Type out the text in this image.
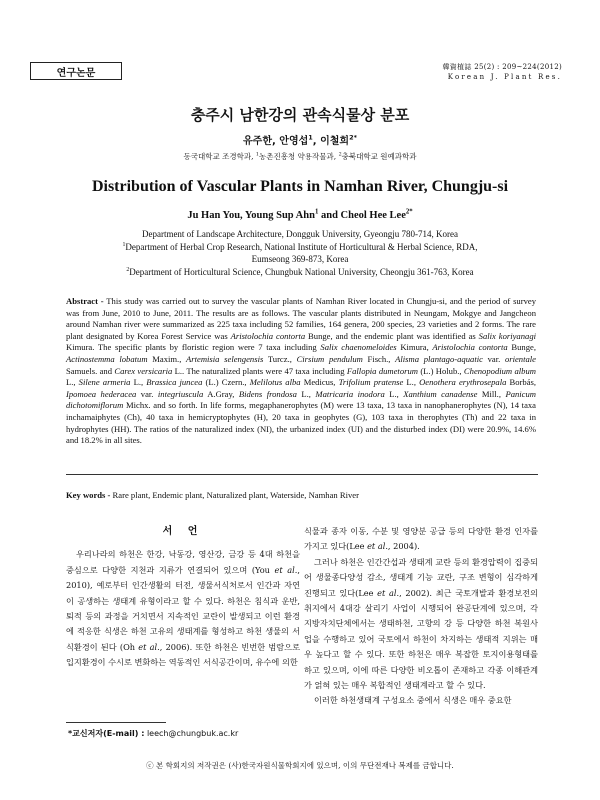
연구논문
韓資植誌 25(2) : 209~224(2012)
Korean J. Plant Res.
충주시 남한강의 관속식물상 분포
유주한, 안영섭$^1$, 이철희$^{2*}$
동국대학교 조경학과, $^1$농촌진흥청 약용작물과, $^2$충북대학교 원예과학과
Distribution of Vascular Plants in Namhan River, Chungju-si
Ju Han You, Young Sup Ahn$^1$ and Cheol Hee Lee$^{2*}$
Department of Landscape Architecture, Dongguk University, Gyeongju 780-714, Korea
$^1$Department of Herbal Crop Research, National Institute of Horticultural & Herbal Science, RDA,
Eumseong 369-873, Korea
$^2$Department of Horticultural Science, Chungbuk National University, Cheongju 361-763, Korea
Abstract - This study was carried out to survey the vascular plants of Namhan River located in Chungju-si, and the period of survey was from June, 2010 to June, 2011. The results are as follows. The vascular plants distributed in Neungam, Mokgye and Jangcheon around Namhan river were summarized as 225 taxa including 52 families, 164 genera, 200 species, 23 varieties and 2 forms. The rare plant designated by Korea Forest Service was Aristolochia contorta Bunge, and the endemic plant was identified as Salix koriyanagi Kimura. The specific plants by floristic region were 7 taxa including Salix chaenomeloides Kimura, Aristolochia contorta Bunge, Actinostemma lobatum Maxim., Artemisia selengensis Turcz., Cirsium pendulum Fisch., Alisma plantago-aquatic var. orientale Samuels. and Carex versicaria L.. The naturalized plants were 47 taxa including Fallopia dumetorum (L.) Holub., Chenopodium album L., Silene armeria L., Brassica juncea (L.) Czern., Melilotus alba Medicus, Trifolium pratense L., Oenothera erythrosepala Borbás, Ipomoea hederacea var. integriuscula A.Gray, Bidens frondosa L., Matricaria inodora L., Xanthium canadense Mill., Panicum dichotomiflorum Michx. and so forth. In life forms, megaphanerophytes (M) were 13 taxa, 13 taxa in nanophanerophytes (N), 14 taxa inchamaiphytes (Ch), 40 taxa in hemicryptophytes (H), 20 taxa in geophytes (G), 103 taxa in therophytes (Th) and 22 taxa in hydrophytes (HH). The ratios of the naturalized index (NI), the urbanized index (UI) and the disturbed index (DI) were 20.9%, 14.6% and 18.2% in all sites.
Key words - Rare plant, Endemic plant, Naturalized plant, Waterside, Namhan River
서 언

우리나라의 하천은 한강, 낙동강, 영산강, 금강 등 4대 하천을 중심으로 다양한 지천과 지류가 연결되어 있으며 (You et al., 2010), 예로부터 인간생활의 터전, 생물서식처로서 인간과 자연이 공생하는 생태계 유형이라고 할 수 있다. 하천은 침식과 운반, 퇴적 등의 과정을 거치면서 지속적인 교란이 발생되고 이런 환경에 적응한 식생은 하천 고유의 생태계를 형성하고 하천 생물의 서식환경이 된다 (Oh et al., 2006). 또한 하천은 빈번한 범람으로 입지환경이 수시로 변화하는 역동적인 서식공간이며, 유수에 의한

식물과 종자 이동, 수분 및 영양분 공급 등의 다양한 환경 인자를 가지고 있다(Lee et al., 2004).

그러나 하천은 인간간섭과 생태계 교란 등의 환경압력이 집중되어 생물종다양성 감소, 생태계 기능 교란, 구조 변형이 심각하게 진행되고 있다(Lee et al., 2002). 최근 국토개발과 환경보전의 취지에서 4대강 살리기 사업이 시행되어 완공단계에 있으며, 각 지방자치단체에서는 생태하천, 고향의 강 등 다양한 하천 복원사업을 수행하고 있어 국토에서 하천이 차지하는 생태적 지위는 매우 높다고 할 수 있다. 또한 하천은 매우 복잡한 토지이용형태를 하고 있으며, 이에 따른 다양한 비오톱이 존재하고 각종 이해관계가 얽혀 있는 매우 복합적인 생태계라고 할 수 있다.

이러한 하천생태계 구성요소 중에서 식생은 매우 중요한

*교신저자(E-mail) : leech@chungbuk.ac.kr
ⓒ 본 학회지의 저작권은 (사)한국자원식물학회지에 있으며, 이의 무단전재나 복제를 금합니다.
